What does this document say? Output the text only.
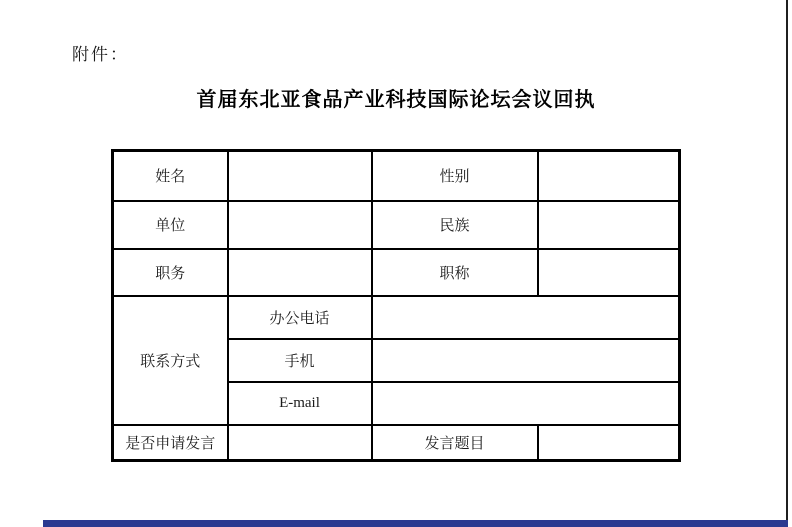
附件：
首届东北亚食品产业科技国际论坛会议回执
姓名		性别	
单位		民族	
职务		职称	
联系方式	办公电话		
	手机		
	E-mail		
是否申请发言		发言题目	
